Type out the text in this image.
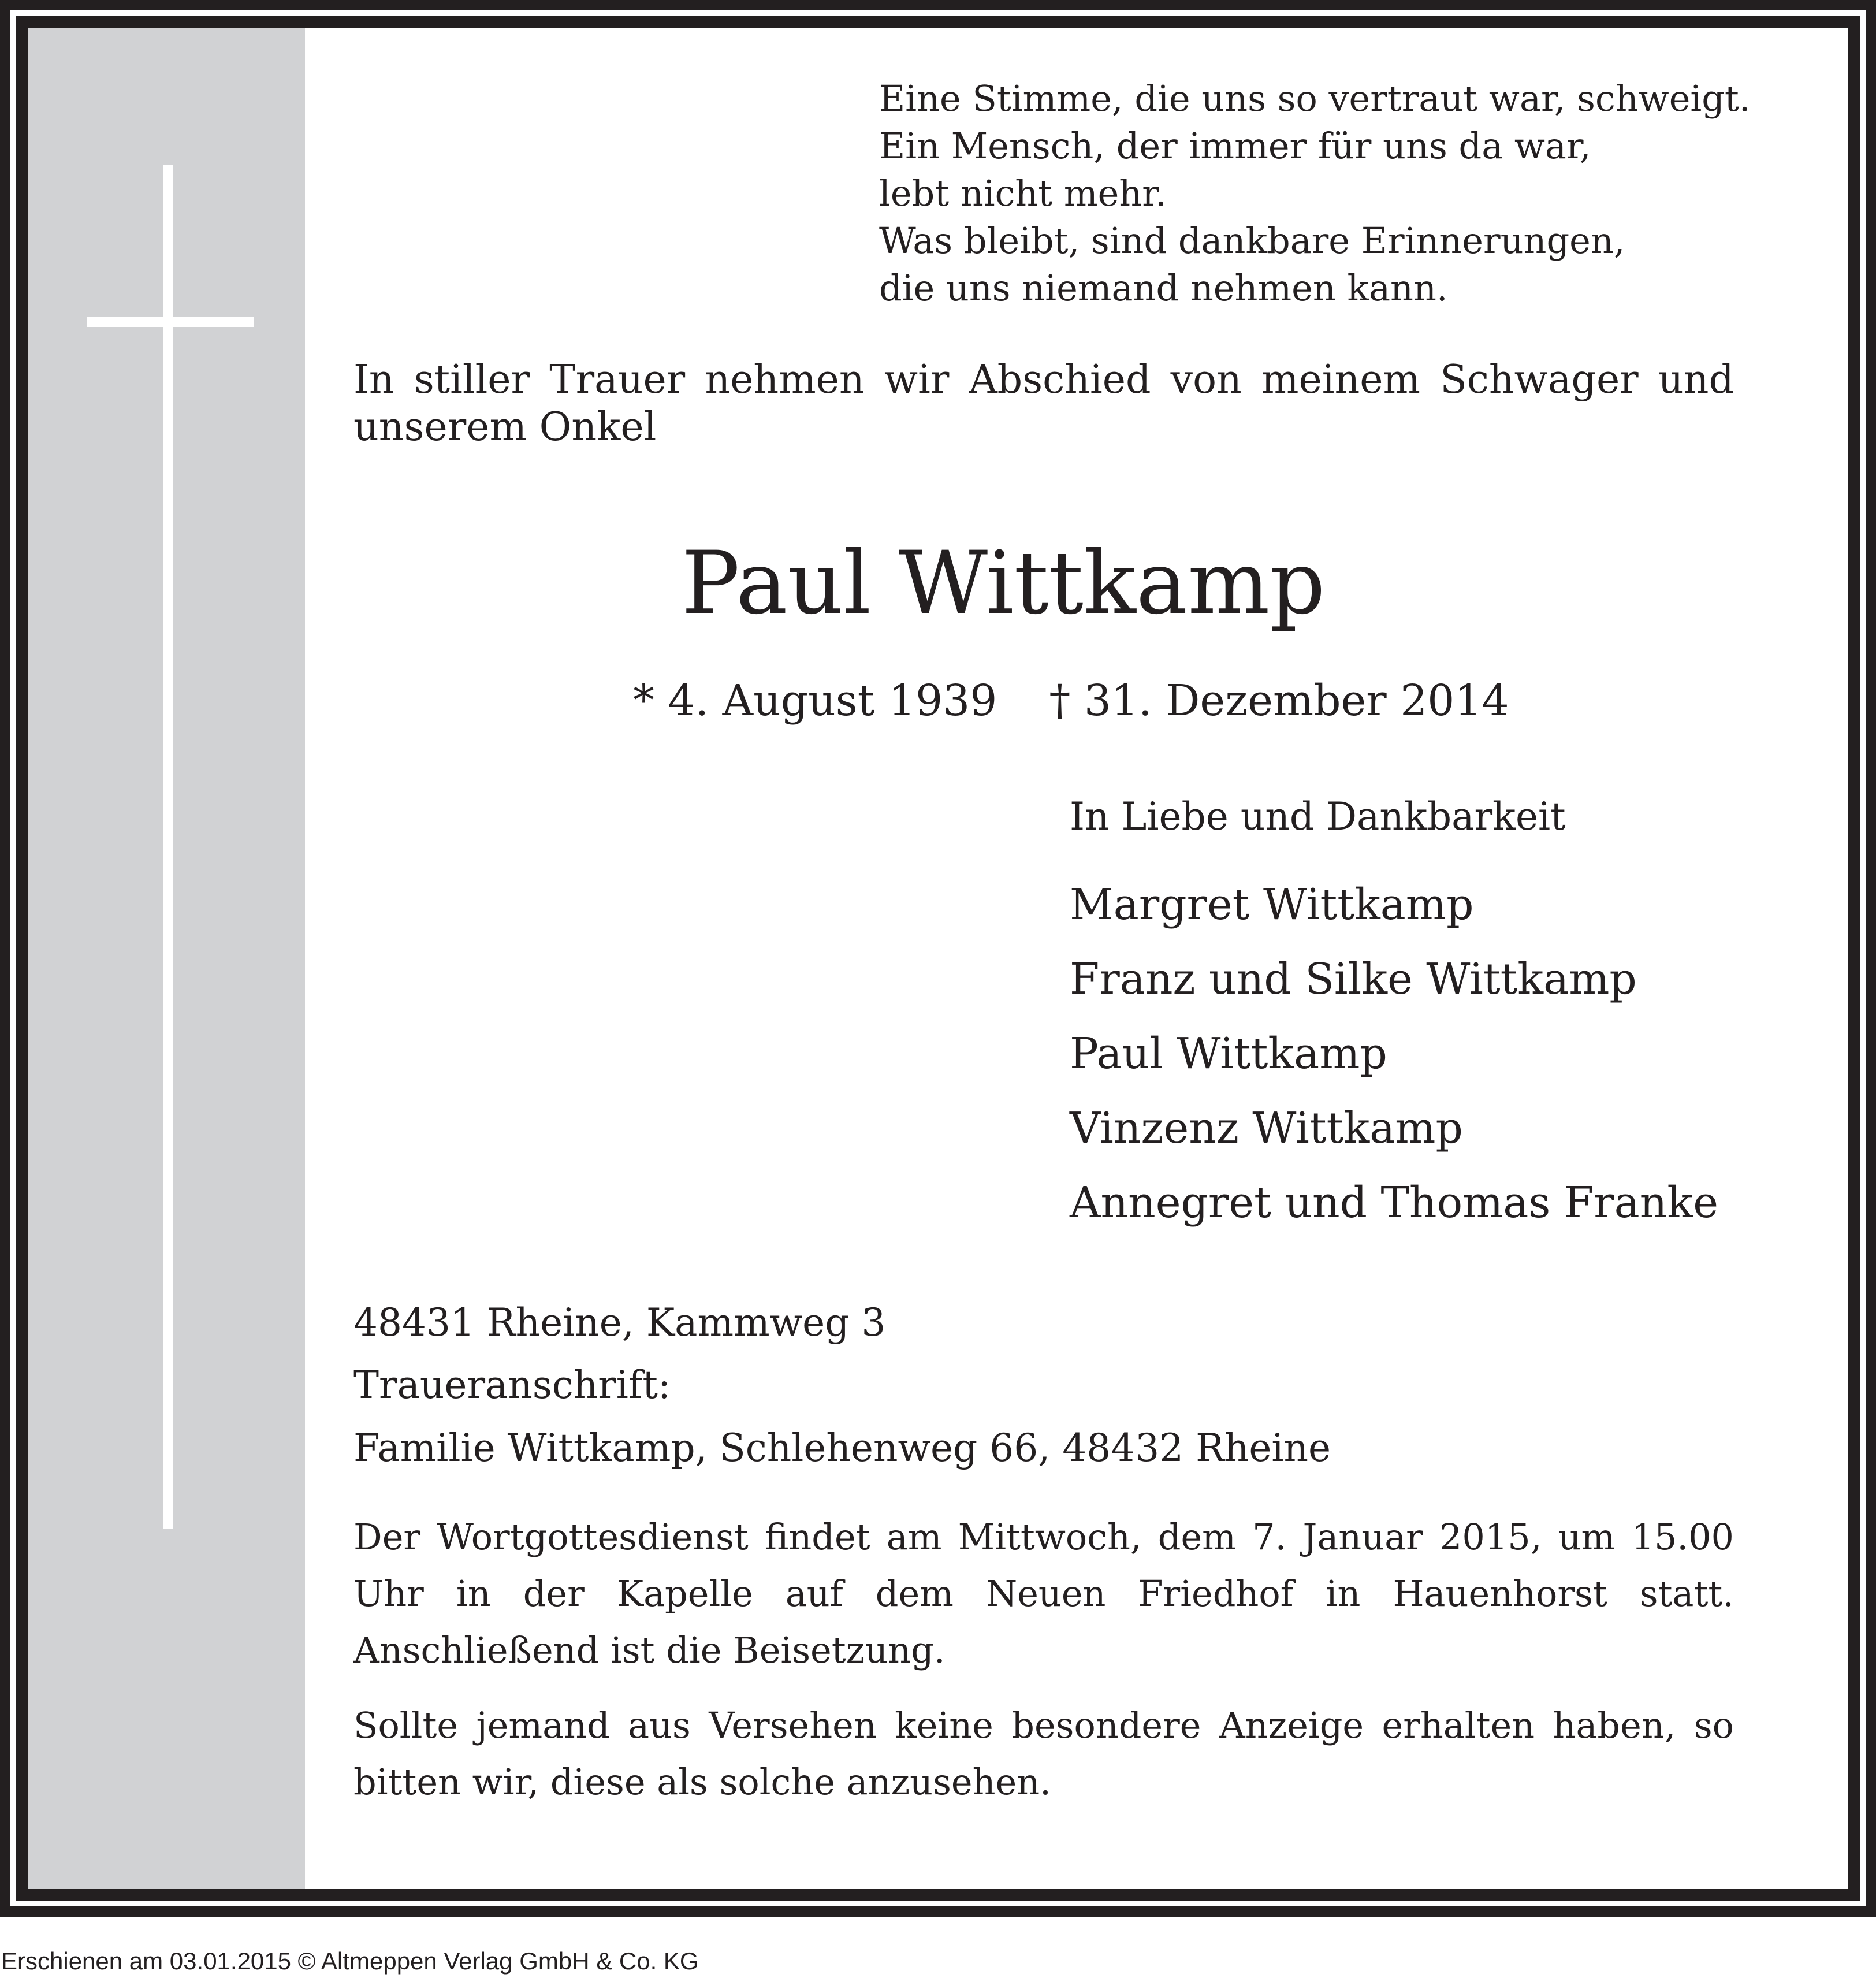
Eine Stimme, die uns so vertraut war, schweigt.
Ein Mensch, der immer für uns da war,
lebt nicht mehr.
Was bleibt, sind dankbare Erinnerungen,
die uns niemand nehmen kann.
In stiller Trauer nehmen wir Abschied von meinem Schwager und unserem Onkel
Paul Wittkamp
* 4. August 1939 † 31. Dezember 2014
In Liebe und Dankbarkeit
Margret Wittkamp
Franz und Silke Wittkamp
Paul Wittkamp
Vinzenz Wittkamp
Annegret und Thomas Franke
48431 Rheine, Kammweg 3
Traueranschrift:
Familie Wittkamp, Schlehenweg 66, 48432 Rheine
Der Wortgottesdienst findet am Mittwoch, dem 7. Januar 2015, um 15.00 Uhr in der Kapelle auf dem Neuen Friedhof in Hauenhorst statt. Anschließend ist die Beisetzung.
Sollte jemand aus Versehen keine besondere Anzeige erhalten haben, so bitten wir, diese als solche anzusehen.
Erschienen am 03.01.2015 © Altmeppen Verlag GmbH & Co. KG
